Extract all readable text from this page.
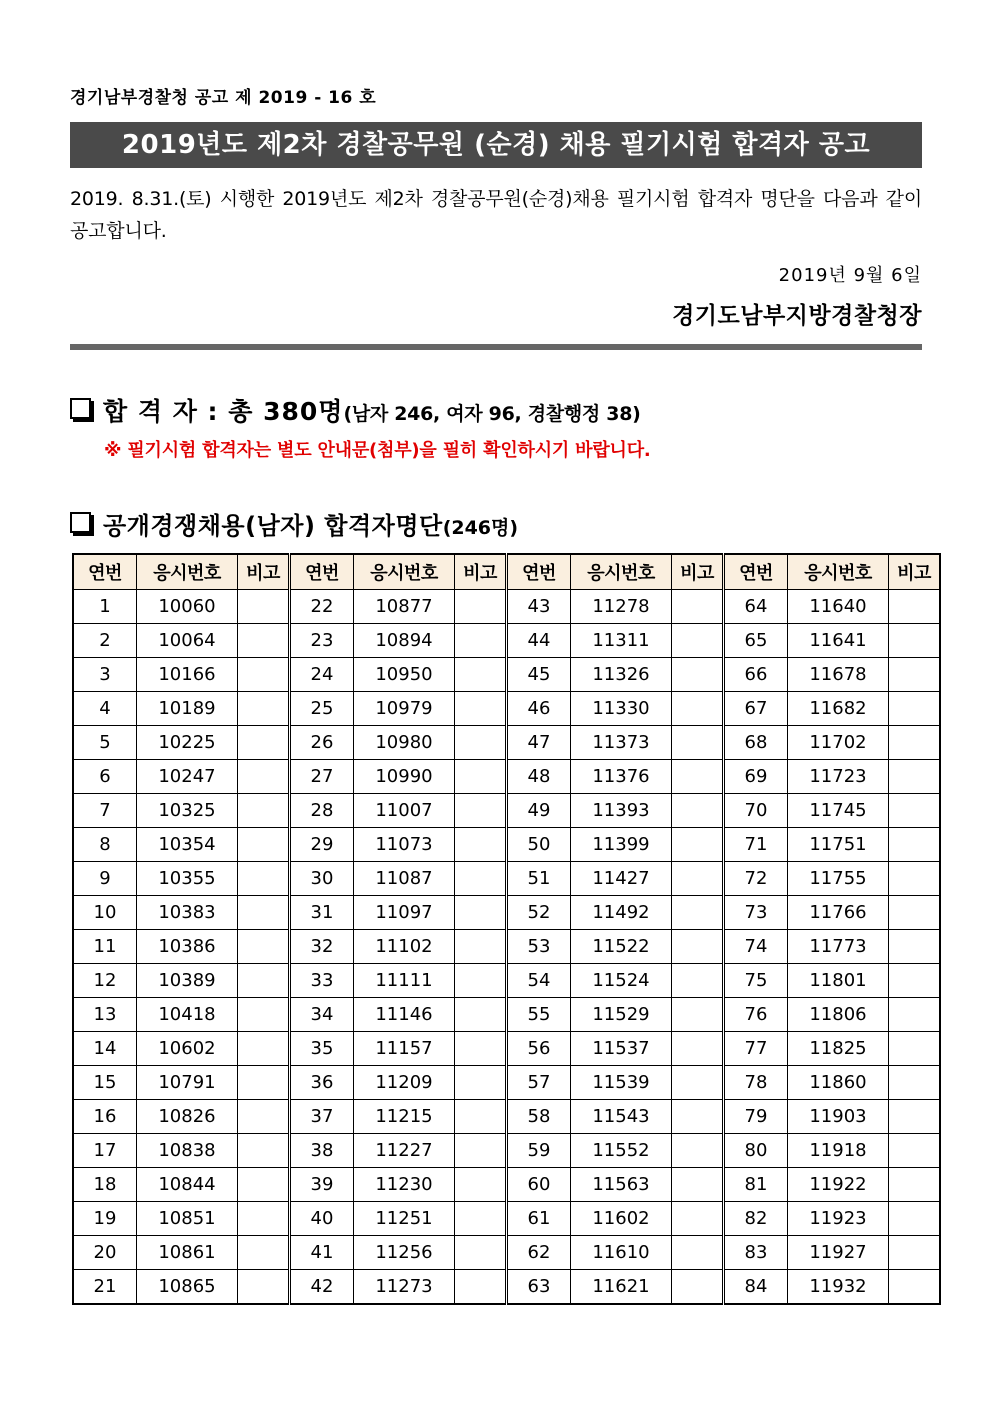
경기남부경찰청 공고 제 2019 - 16 호
2019년도 제2차 경찰공무원 (순경) 채용 필기시험 합격자 공고
2019. 8.31.(토) 시행한 2019년도 제2차 경찰공무원(순경)채용 필기시험 합격자 명단을 다음과 같이 공고합니다.
2019년 9월 6일
경기도남부지방경찰청장
합 격 자 : 총 380명 (남자 246, 여자 96, 경찰행정 38)
※ 필기시험 합격자는 별도 안내문(첨부)을 필히 확인하시기 바랍니다.
공개경쟁채용(남자) 합격자명단 (246명)
연번	응시번호	비고	연번	응시번호	비고	연번	응시번호	비고	연번	응시번호	비고
1	10060		22	10877		43	11278		64	11640	
2	10064		23	10894		44	11311		65	11641	
3	10166		24	10950		45	11326		66	11678	
4	10189		25	10979		46	11330		67	11682	
5	10225		26	10980		47	11373		68	11702	
6	10247		27	10990		48	11376		69	11723	
7	10325		28	11007		49	11393		70	11745	
8	10354		29	11073		50	11399		71	11751	
9	10355		30	11087		51	11427		72	11755	
10	10383		31	11097		52	11492		73	11766	
11	10386		32	11102		53	11522		74	11773	
12	10389		33	11111		54	11524		75	11801	
13	10418		34	11146		55	11529		76	11806	
14	10602		35	11157		56	11537		77	11825	
15	10791		36	11209		57	11539		78	11860	
16	10826		37	11215		58	11543		79	11903	
17	10838		38	11227		59	11552		80	11918	
18	10844		39	11230		60	11563		81	11922	
19	10851		40	11251		61	11602		82	11923	
20	10861		41	11256		62	11610		83	11927	
21	10865		42	11273		63	11621		84	11932	
